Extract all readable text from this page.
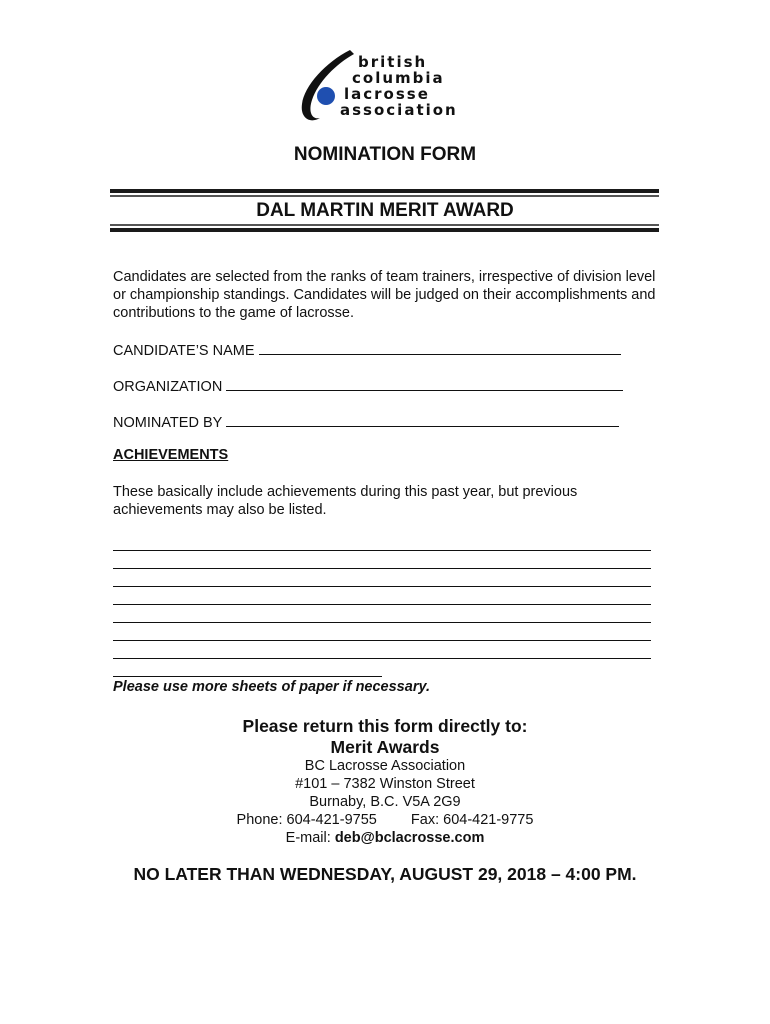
british
columbia
lacrosse
association
NOMINATION FORM
DAL MARTIN MERIT AWARD
Candidates are selected from the ranks of team trainers, irrespective of division level or championship standings. Candidates will be judged on their accomplishments and contributions to the game of lacrosse.
CANDIDATE’S NAME
ORGANIZATION
NOMINATED BY
ACHIEVEMENTS
These basically include achievements during this past year, but previous achievements may also be listed.
Please use more sheets of paper if necessary.
Please return this form directly to:
Merit Awards
BC Lacrosse Association
#101 – 7382 Winston Street
Burnaby, B.C. V5A 2G9
Phone: 604-421-9755 Fax: 604-421-9775
E-mail: deb@bclacrosse.com
NO LATER THAN WEDNESDAY, AUGUST 29, 2018 – 4:00 PM.
